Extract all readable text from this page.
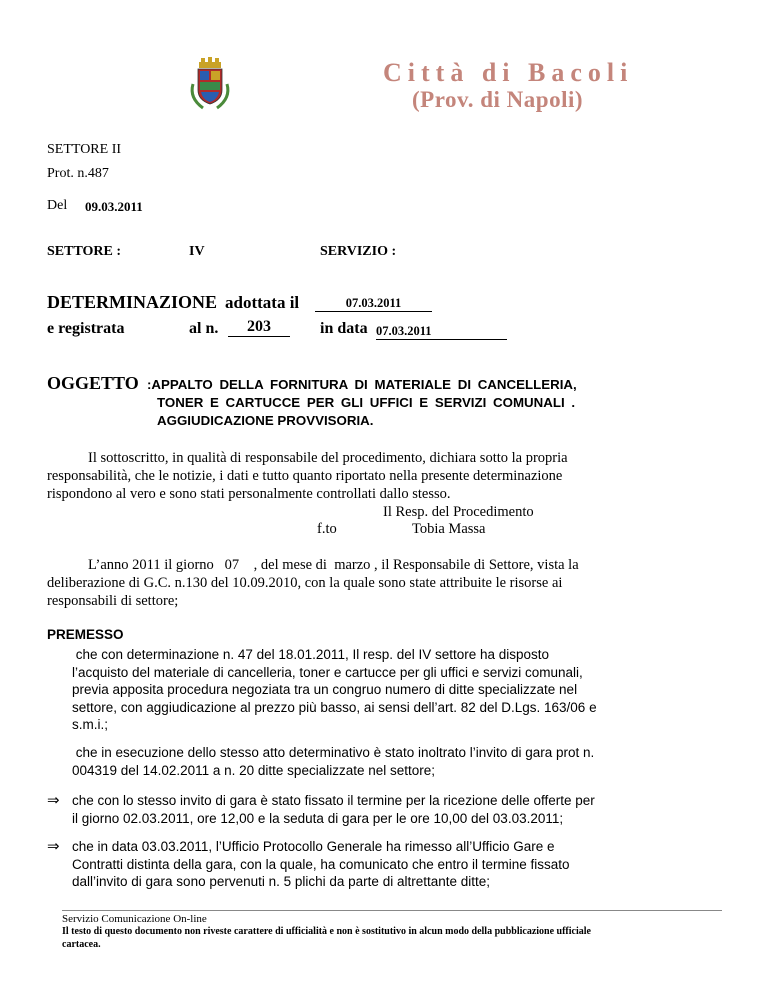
Città di Bacoli
(Prov. di Napoli)
SETTORE II
Prot. n.487
Del 09.03.2011
SETTORE :	IV	SERVIZIO :
DETERMINAZIONE adottata il	07.03.2011
e registrata	al n.	203	in data 07.03.2011
OGGETTO :APPALTO DELLA FORNITURA DI MATERIALE DI CANCELLERIA,
TONER E CARTUCCE PER GLI UFFICI E SERVIZI COMUNALI .
AGGIUDICAZIONE PROVVISORIA.
Il sottoscritto, in qualità di responsabile del procedimento, dichiara sotto la propria
responsabilità, che le notizie, i dati e tutto quanto riportato nella presente determinazione
rispondono al vero e sono stati personalmente controllati dallo stesso.
Il Resp. del Procedimento
f.to	Tobia Massa
L’anno 2011 il giorno   07    , del mese di  marzo , il Responsabile di Settore, vista la
deliberazione di G.C. n.130 del 10.09.2010, con la quale sono state attribuite le risorse ai
responsabili di settore;
PREMESSO
che con determinazione n. 47 del 18.01.2011, Il resp. del IV settore ha disposto
l’acquisto del materiale di cancelleria, toner e cartucce per gli uffici e servizi comunali,
previa apposita procedura negoziata tra un congruo numero di ditte specializzate nel
settore, con aggiudicazione al prezzo più basso, ai sensi dell’art. 82 del D.Lgs. 163/06 e
s.m.i.;
che in esecuzione dello stesso atto determinativo è stato inoltrato l’invito di gara prot n.
004319 del 14.02.2011 a n. 20 ditte specializzate nel settore;
⇒ che con lo stesso invito di gara è stato fissato il termine per la ricezione delle offerte per
il giorno 02.03.2011, ore 12,00 e la seduta di gara per le ore 10,00 del 03.03.2011;
⇒ che in data 03.03.2011, l’Ufficio Protocollo Generale ha rimesso all’Ufficio Gare e
Contratti distinta della gara, con la quale, ha comunicato che entro il termine fissato
dall’invito di gara sono pervenuti n. 5 plichi da parte di altrettante ditte;
Servizio Comunicazione On-line
Il testo di questo documento non riveste carattere di ufficialità e non è sostitutivo in alcun modo della pubblicazione ufficiale
cartacea.
